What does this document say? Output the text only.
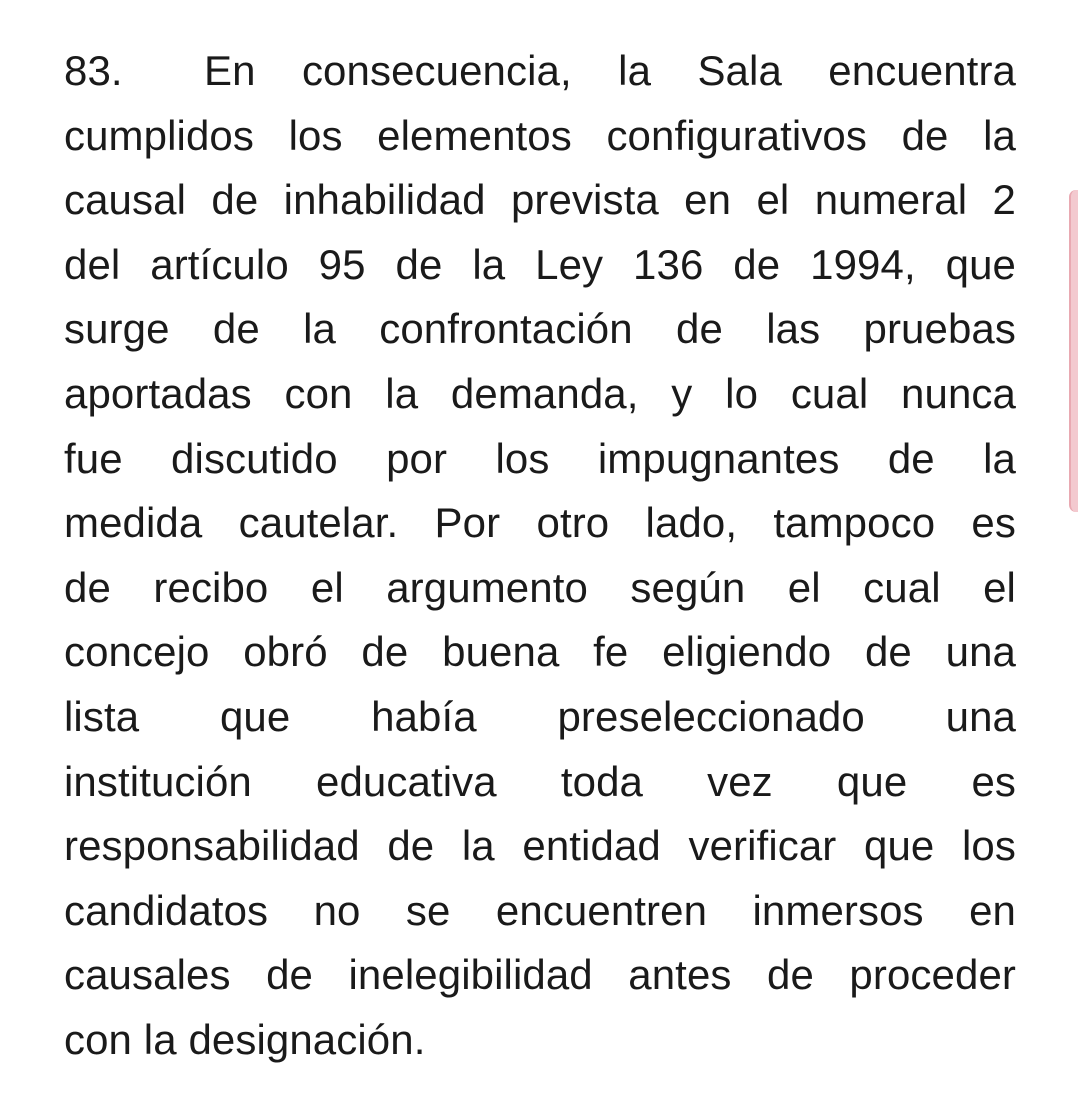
83.	En consecuencia, la Sala encuentra
cumplidos los elementos configurativos de la
causal de inhabilidad prevista en el numeral 2
del artículo 95 de la Ley 136 de 1994, que
surge de la confrontación de las pruebas
aportadas con la demanda, y lo cual nunca
fue discutido por los impugnantes de la
medida cautelar. Por otro lado, tampoco es
de recibo el argumento según el cual el
concejo obró de buena fe eligiendo de una
lista que había preseleccionado una
institución educativa toda vez que es
responsabilidad de la entidad verificar que los
candidatos no se encuentren inmersos en
causales de inelegibilidad antes de proceder
con la designación.
